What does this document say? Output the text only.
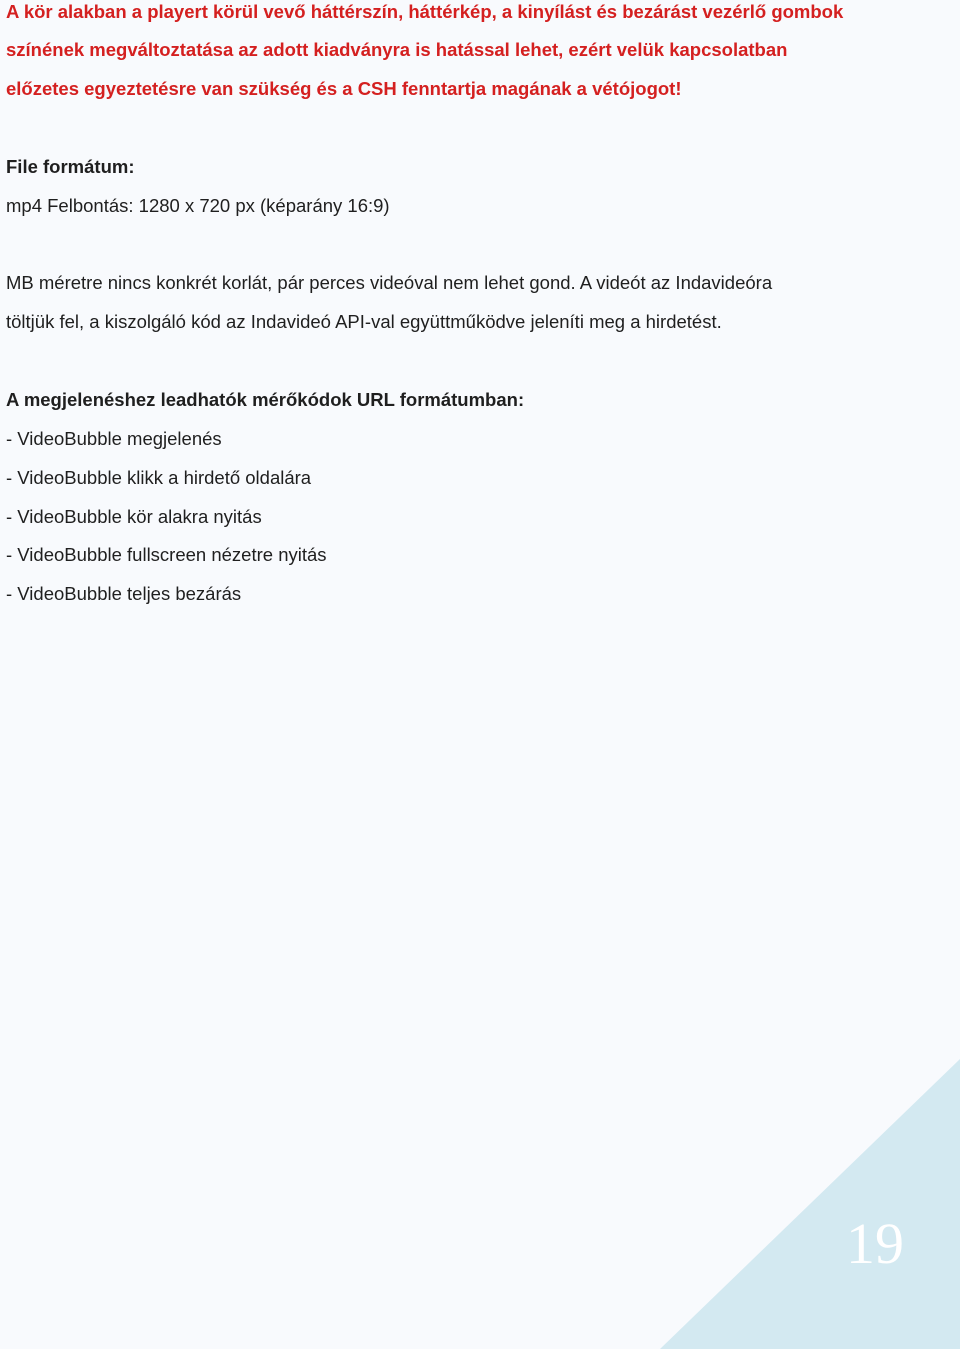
A kör alakban a playert körül vevő háttérszín, háttérkép, a kinyílást és bezárást vezérlő gombok
színének megváltoztatása az adott kiadványra is hatással lehet, ezért velük kapcsolatban
előzetes egyeztetésre van szükség és a CSH fenntartja magának a vétójogot!
File formátum:
mp4 Felbontás: 1280 x 720 px (képarány 16:9)
MB méretre nincs konkrét korlát, pár perces videóval nem lehet gond. A videót az Indavideóra
töltjük fel, a kiszolgáló kód az Indavideó API-val együttműködve jeleníti meg a hirdetést.
A megjelenéshez leadhatók mérőkódok URL formátumban:
- VideoBubble megjelenés
- VideoBubble klikk a hirdető oldalára
- VideoBubble kör alakra nyitás
- VideoBubble fullscreen nézetre nyitás
- VideoBubble teljes bezárás
19
